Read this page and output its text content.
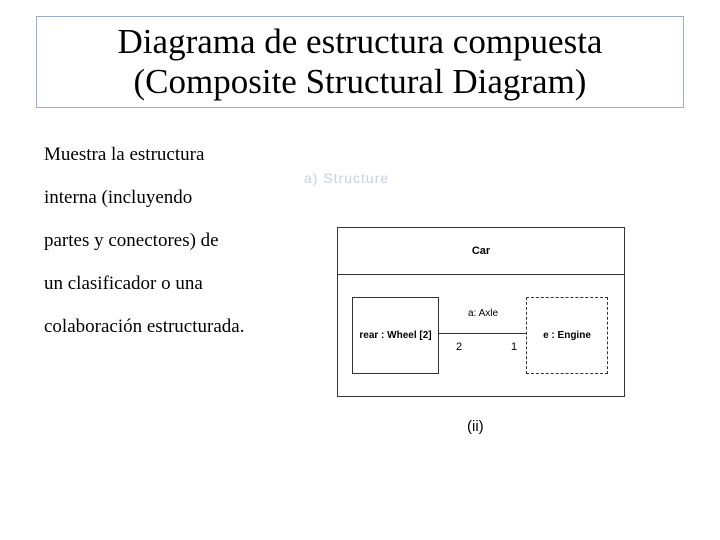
Diagrama de estructura compuesta
(Composite Structural Diagram)
Muestra la estructura
interna (incluyendo
partes y conectores) de
un clasificador o una
colaboración estructurada.
a) Structure
Car
rear : Wheel [2]
a: Axle
2	1
e : Engine
(ii)
